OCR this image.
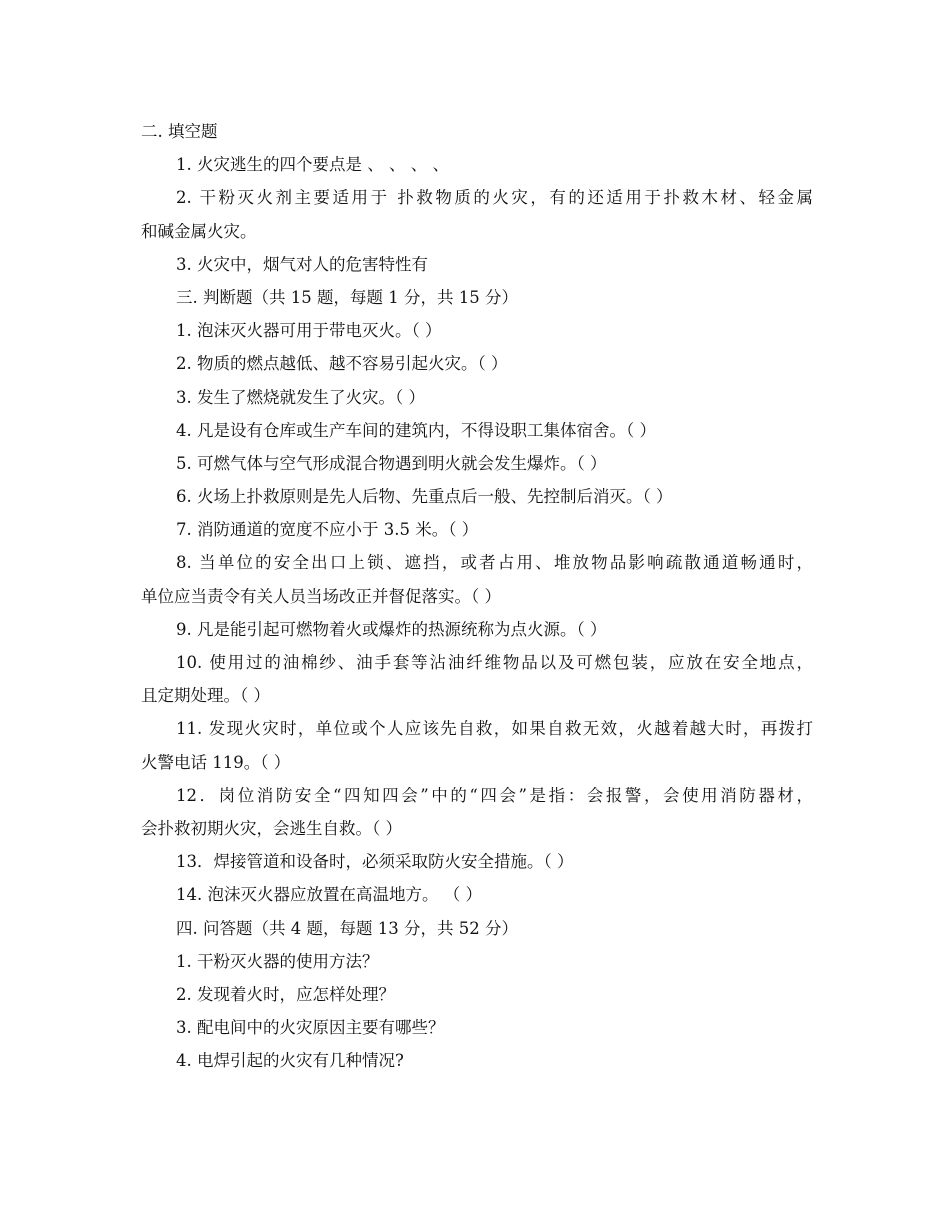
二. 填空题
1. 火灾逃生的四个要点是 、 、 、 、
2. 干粉灭火剂主要适用于 扑救物质的火灾，有的还适用于扑救木材、轻金属
和碱金属火灾。
3. 火灾中，烟气对人的危害特性有
三. 判断题（共 15 题，每题 1 分，共 15 分）
1. 泡沫灭火器可用于带电灭火。（ ）
2. 物质的燃点越低、越不容易引起火灾。（ ）
3. 发生了燃烧就发生了火灾。（ ）
4. 凡是设有仓库或生产车间的建筑内，不得设职工集体宿舍。（ ）
5. 可燃气体与空气形成混合物遇到明火就会发生爆炸。（ ）
6. 火场上扑救原则是先人后物、先重点后一般、先控制后消灭。（ ）
7. 消防通道的宽度不应小于 3.5 米。（ ）
8. 当单位的安全出口上锁、遮挡，或者占用、堆放物品影响疏散通道畅通时，
单位应当责令有关人员当场改正并督促落实。（ ）
9. 凡是能引起可燃物着火或爆炸的热源统称为点火源。（ ）
10. 使用过的油棉纱、油手套等沾油纤维物品以及可燃包装，应放在安全地点，
且定期处理。（ ）
11. 发现火灾时，单位或个人应该先自救，如果自救无效，火越着越大时，再拨打
火警电话 119。（ ）
12．岗位消防安全“四知四会”中的“四会”是指：会报警，会使用消防器材，
会扑救初期火灾，会逃生自救。（ ）
13．焊接管道和设备时，必须采取防火安全措施。（ ）
14. 泡沫灭火器应放置在高温地方。 （ ）
四. 问答题（共 4 题，每题 13 分，共 52 分）
1. 干粉灭火器的使用方法？
2. 发现着火时，应怎样处理？
3. 配电间中的火灾原因主要有哪些？
4. 电焊引起的火灾有几种情况?
